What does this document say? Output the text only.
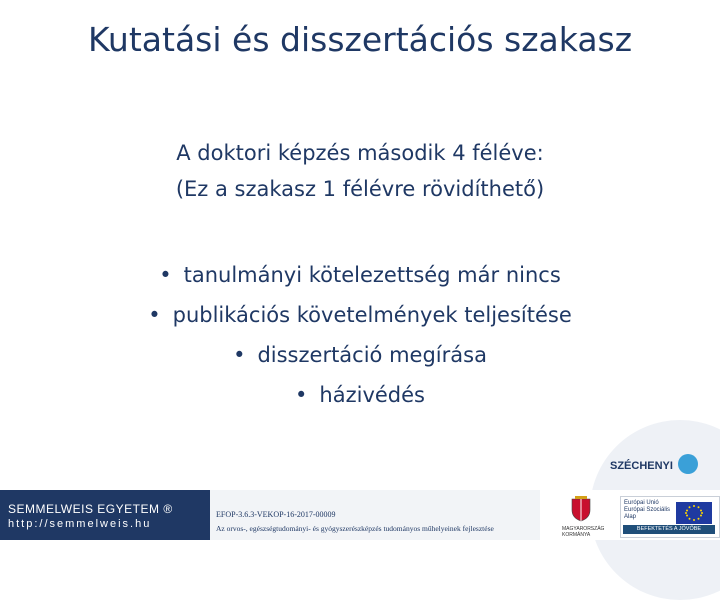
Kutatási és disszertációs szakasz
A doktori képzés második 4 féléve:
(Ez a szakasz 1 félévre rövidíthető)
• tanulmányi kötelezettség már nincs
• publikációs követelmények teljesítése
• disszertáció megírása
• házivédés
SZÉCHENYI
SEMMELWEIS EGYETEM ®
http://semmelweis.hu
EFOP-3.6.3-VEKOP-16-2017-00009
Az orvos-, egészségtudományi- és gyógyszerészképzés tudományos műhelyeinek fejlesztése	MAGYARORSZÁG KORMÁNYA
Európai Unió
Európai Szociális
Alap
BEFEKTETÉS A JÖVŐBE
